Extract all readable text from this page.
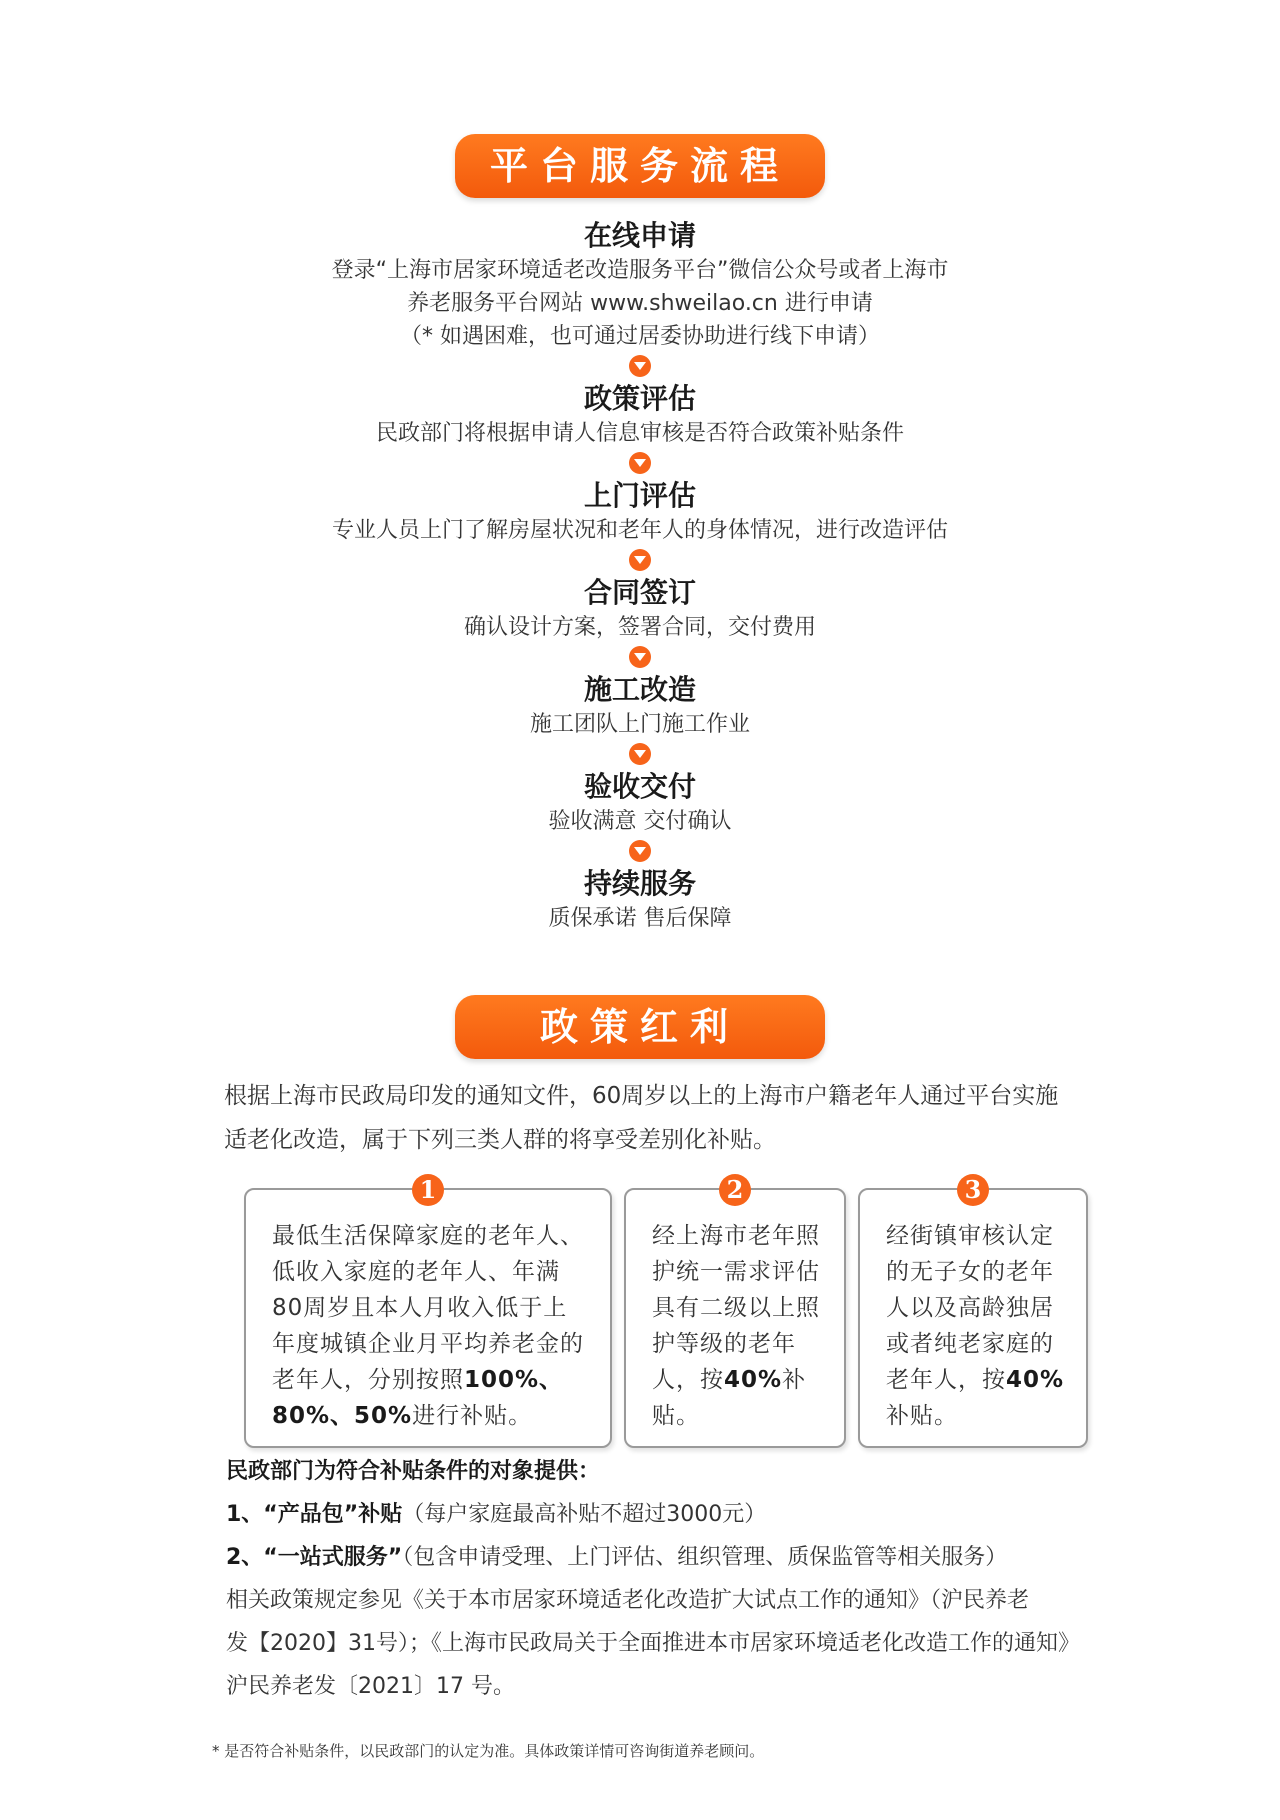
平台服务流程
在线申请
登录“上海市居家环境适老改造服务平台”微信公众号或者上海市
养老服务平台网站 www.shweilao.cn 进行申请
（* 如遇困难，也可通过居委协助进行线下申请）
政策评估
民政部门将根据申请人信息审核是否符合政策补贴条件
上门评估
专业人员上门了解房屋状况和老年人的身体情况，进行改造评估
合同签订
确认设计方案，签署合同，交付费用
施工改造
施工团队上门施工作业
验收交付
验收满意 交付确认
持续服务
质保承诺 售后保障
政策红利
根据上海市民政局印发的通知文件，60周岁以上的上海市户籍老年人通过平台实施
适老化改造，属于下列三类人群的将享受差别化补贴。
1
最低生活保障家庭的老年人、低收入家庭的老年人、年满80周岁且本人月收入低于上年度城镇企业月平均养老金的老年人，分别按照100%、80%、50%进行补贴。
2
经上海市老年照护统一需求评估具有二级以上照护等级的老年人，按40%补贴。
3
经街镇审核认定的无子女的老年人以及高龄独居或者纯老家庭的老年人，按40%补贴。
民政部门为符合补贴条件的对象提供：
1、“产品包”补贴（每户家庭最高补贴不超过3000元）
2、“一站式服务”（包含申请受理、上门评估、组织管理、质保监管等相关服务）
相关政策规定参见《关于本市居家环境适老化改造扩大试点工作的通知》（沪民养老
发【2020】31号）；《上海市民政局关于全面推进本市居家环境适老化改造工作的通知》
沪民养老发〔2021〕17 号。
* 是否符合补贴条件，以民政部门的认定为准。具体政策详情可咨询街道养老顾问。
